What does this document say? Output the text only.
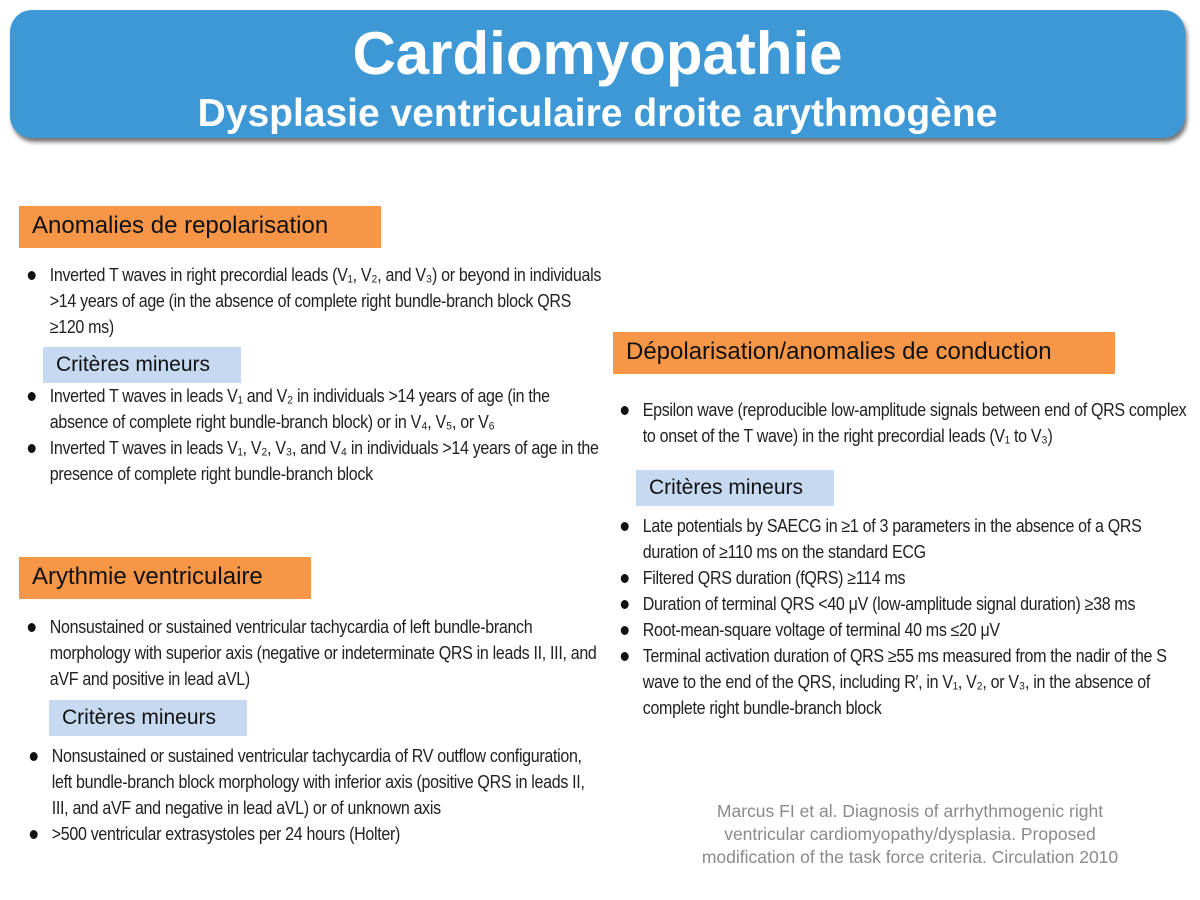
Cardiomyopathie
Dysplasie ventriculaire droite arythmogène
Anomalies de repolarisation
Inverted T waves in right precordial leads (V₁, V₂, and V₃) or beyond in individuals >14 years of age (in the absence of complete right bundle-branch block QRS ≥120 ms)
Critères mineurs
Inverted T waves in leads V₁ and V₂ in individuals >14 years of age (in the absence of complete right bundle-branch block) or in V₄, V₅, or V₆
Inverted T waves in leads V₁, V₂, V₃, and V₄ in individuals >14 years of age in the presence of complete right bundle-branch block
Arythmie ventriculaire
Nonsustained or sustained ventricular tachycardia of left bundle-branch morphology with superior axis (negative or indeterminate QRS in leads II, III, and aVF and positive in lead aVL)
Critères mineurs
Nonsustained or sustained ventricular tachycardia of RV outflow configuration, left bundle-branch block morphology with inferior axis (positive QRS in leads II, III, and aVF and negative in lead aVL) or of unknown axis
>500 ventricular extrasystoles per 24 hours (Holter)
Dépolarisation/anomalies de conduction
Epsilon wave (reproducible low-amplitude signals between end of QRS complex to onset of the T wave) in the right precordial leads (V₁ to V₃)
Critères mineurs
Late potentials by SAECG in ≥1 of 3 parameters in the absence of a QRS duration of ≥110 ms on the standard ECG
Filtered QRS duration (fQRS) ≥114 ms
Duration of terminal QRS <40 μV (low-amplitude signal duration) ≥38 ms
Root-mean-square voltage of terminal 40 ms ≤20 μV
Terminal activation duration of QRS ≥55 ms measured from the nadir of the S wave to the end of the QRS, including R′, in V₁, V₂, or V₃, in the absence of complete right bundle-branch block
Marcus FI et al. Diagnosis of arrhythmogenic right
ventricular cardiomyopathy/dysplasia. Proposed
modification of the task force criteria. Circulation 2010
